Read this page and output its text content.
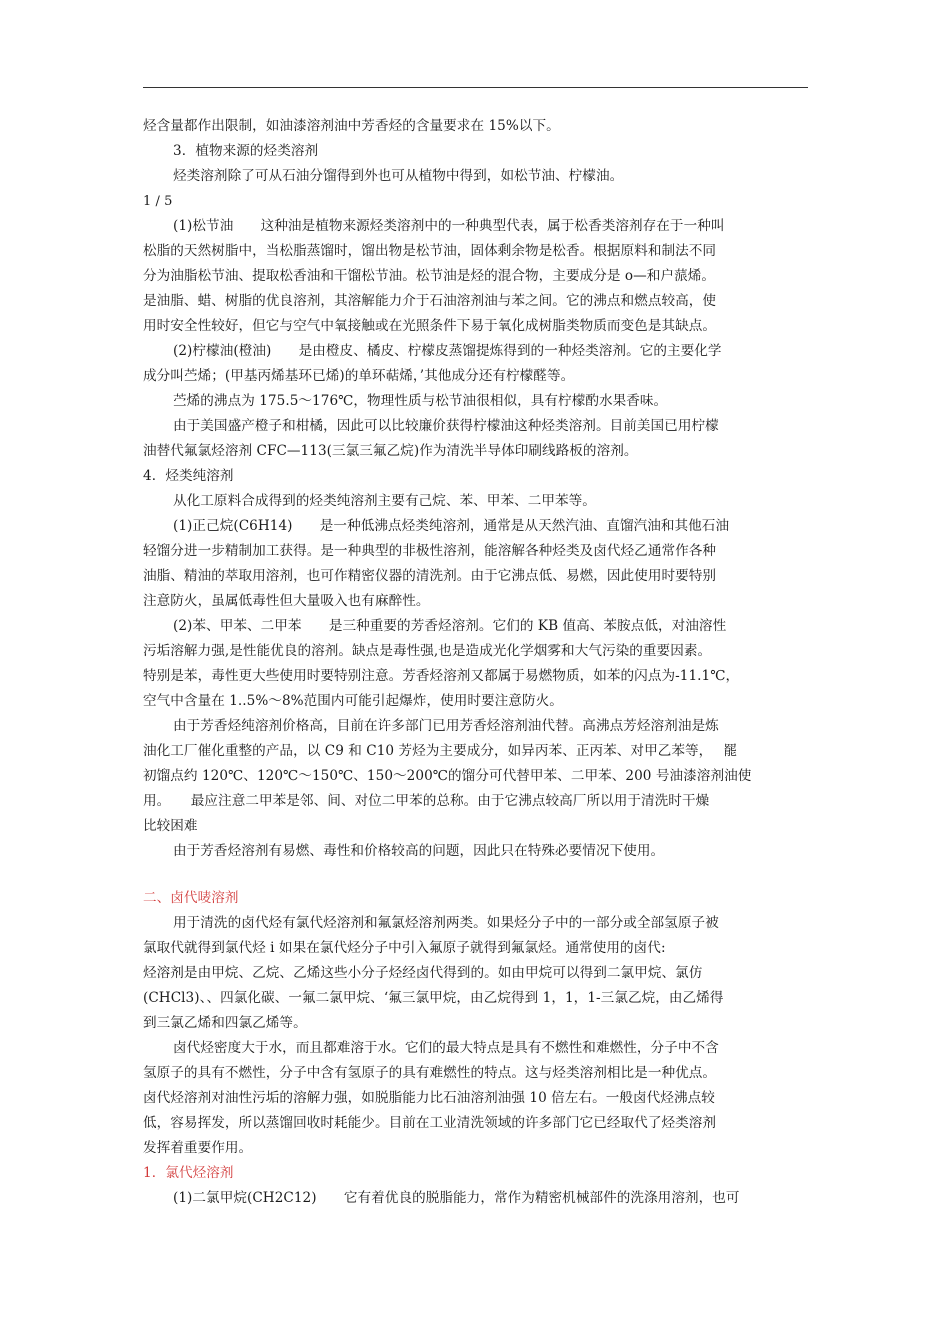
烃含量都作出限制，如油漆溶剂油中芳香烃的含量要求在 15%以下。
3．植物来源的烃类溶剂
烃类溶剂除了可从石油分馏得到外也可从植物中得到，如松节油、柠檬油。
1 / 5
(1)松节油　　这种油是植物来源烃类溶剂中的一种典型代表，属于松香类溶剂存在于一种叫
松脂的天然树脂中，当松脂蒸馏时，馏出物是松节油，固体剩余物是松香。根据原料和制法不同
分为油脂松节油、提取松香油和干馏松节油。松节油是烃的混合物，主要成分是 o—和户蒎烯。
是油脂、蜡、树脂的优良溶剂，其溶解能力介于石油溶剂油与苯之间。它的沸点和燃点较高，使
用时安全性较好，但它与空气中氧接触或在光照条件下易于氧化成树脂类物质而变色是其缺点。
(2)柠檬油(橙油)　　是由橙皮、橘皮、柠檬皮蒸馏提炼得到的一种烃类溶剂。它的主要化学
成分叫苎烯；(甲基丙烯基环已烯)的单环萜烯，’其他成分还有柠檬醛等。
苎烯的沸点为 175.5～176℃，物理性质与松节油很相似，具有柠檬酌水果香味。
由于美国盛产橙子和柑橘，因此可以比较廉价获得柠檬油这种烃类溶剂。目前美国已用柠檬
油替代氟氯烃溶剂 CFC—113(三氯三氟乙烷)作为清洗半导体印刷线路板的溶剂。
4．烃类纯溶剂
从化工原料合成得到的烃类纯溶剂主要有己烷、苯、甲苯、二甲苯等。
(1)正己烷(C6H14)　　是一种低沸点烃类纯溶剂，通常是从天然汽油、直馏汽油和其他石油
轻馏分进一步精制加工获得。是一种典型的非极性溶剂，能溶解各种烃类及卤代烃乙通常作各种
油脂、精油的萃取用溶剂，也可作精密仪器的清洗剂。由于它沸点低、易燃，因此使用时要特别
注意防火，虽属低毒性但大量吸入也有麻醉性。
(2)苯、甲苯、二甲苯　　是三种重要的芳香烃溶剂。它们的 KB 值高、苯胺点低，对油溶性
污垢溶解力强,是性能优良的溶剂。缺点是毒性强,也是造成光化学烟雾和大气污染的重要因素。
特别是苯，毒性更大些使用时要特别注意。芳香烃溶剂又都属于易燃物质，如苯的闪点为-11.1℃，
空气中含量在 1..5%～8%范围内可能引起爆炸，使用时要注意防火。
由于芳香烃纯溶剂价格高，目前在许多部门已用芳香烃溶剂油代替。高沸点芳烃溶剂油是炼
油化工厂催化重整的产品，以 C9 和 C10 芳烃为主要成分，如异丙苯、正丙苯、对甲乙苯等，　 罷
初馏点约 120℃、120℃～150℃、150～200℃的馏分可代替甲苯、二甲苯、200 号油漆溶剂油使
用。　　最应注意二甲苯是邻、间、对位二甲苯的总称。由于它沸点较高厂所以用于清洗时干燥
比较困难
由于芳香烃溶剂有易燃、毒性和价格较高的问题，因此只在特殊必要情况下使用。
二、卤代唛溶剂
用于清洗的卤代烃有氯代烃溶剂和氟氯烃溶剂两类。如果烃分子中的一部分或全部氢原子被
氯取代就得到氯代烃 i 如果在氯代烃分子中引入氟原子就得到氟氯烃。通常使用的卤代:
烃溶剂是由甲烷、乙烷、乙烯这些小分子烃经卤代得到的。如由甲烷可以得到二氯甲烷、氯仿
(CHCl3)、、四氯化碳、一氟二氯甲烷、‘氟三氯甲烷，由乙烷得到 1，1，1-三氯乙烷，由乙烯得
到三氯乙烯和四氯乙烯等。
卤代烃密度大于水，而且都难溶于水。它们的最大特点是具有不燃性和难燃性，分子中不含
氢原子的具有不燃性，分子中含有氢原子的具有难燃性的特点。这与烃类溶剂相比是一种优点。
卤代烃溶剂对油性污垢的溶解力强，如脱脂能力比石油溶剂油强 10 倍左右。一般卤代烃沸点较
低，容易挥发，所以蒸馏回收时耗能少。目前在工业清洗领域的许多部门它已经取代了烃类溶剂
发挥着重要作用。
1．氯代烃溶剂
(1)二氯甲烷(CH2C12)　　它有着优良的脱脂能力，常作为精密机械部件的洗涤用溶剂，也可
